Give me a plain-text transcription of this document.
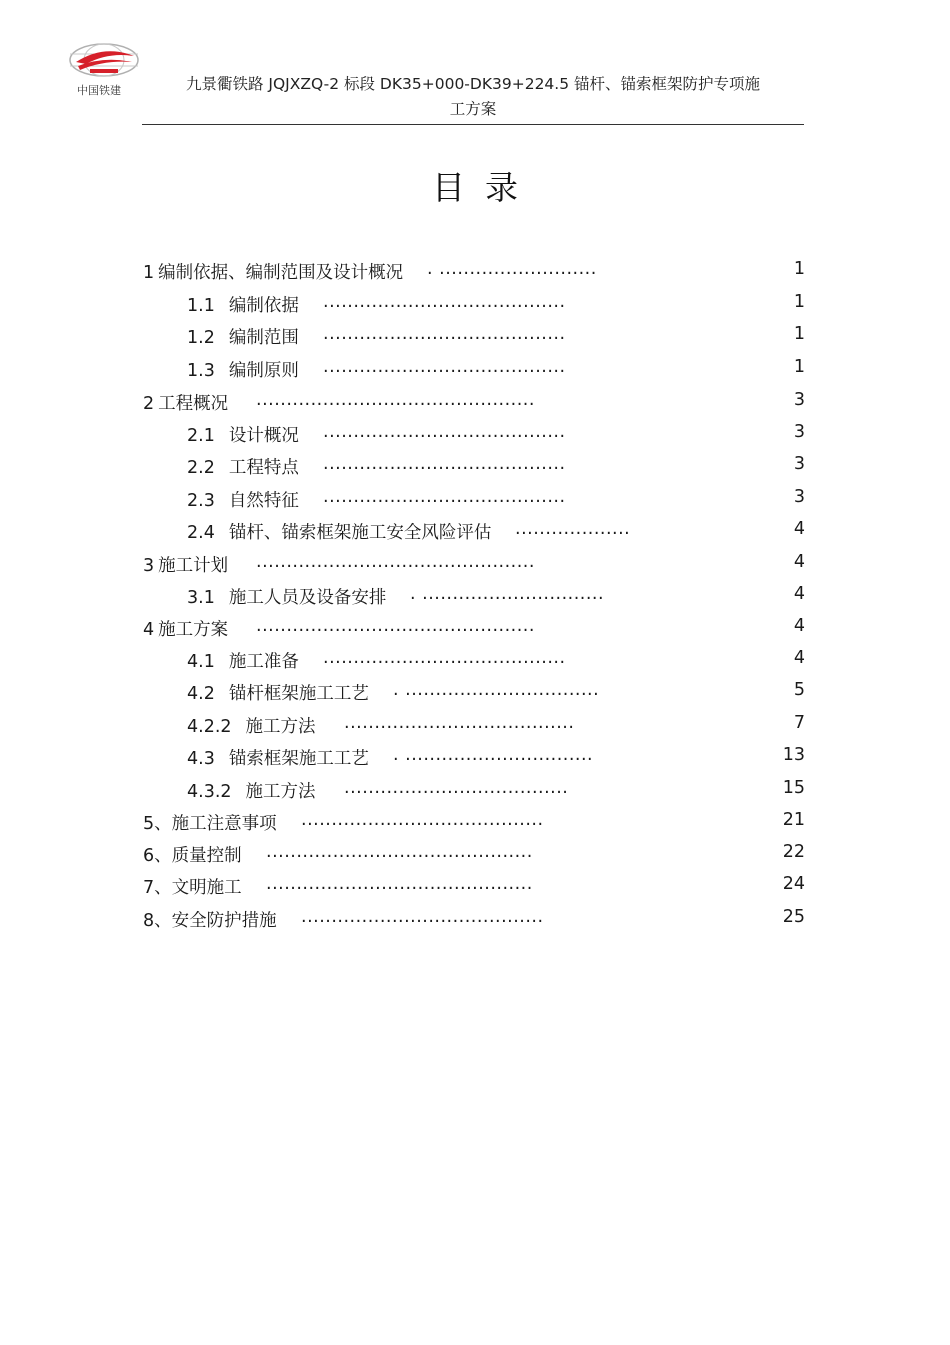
中国铁建	九景衢铁路 JQJXZQ-2 标段 DK35+000-DK39+224.5 锚杆、锚索框架防护专项施
工方案
目录
1 编制依据、编制范围及设计概况 . ..........................	1
1.1 编制依据 ........................................	1
1.2 编制范围 ........................................	1
1.3 编制原则 ........................................	1
2 工程概况 ..............................................	3
2.1 设计概况 ........................................	3
2.2 工程特点 ........................................	3
2.3 自然特征 ........................................	3
2.4 锚杆、锚索框架施工安全风险评估 ...................	4
3 施工计划 ..............................................	4
3.1 施工人员及设备安排 . ..............................	4
4 施工方案 ..............................................	4
4.1 施工准备 ........................................	4
4.2 锚杆框架施工工艺 . ................................	5
4.2.2 施工方法 ......................................	7
4.3 锚索框架施工工艺 . ...............................	13
4.3.2 施工方法 .....................................	15
5、施工注意事项 ........................................	21
6、质量控制 ............................................	22
7、文明施工 ............................................	24
8、安全防护措施 ........................................	25
